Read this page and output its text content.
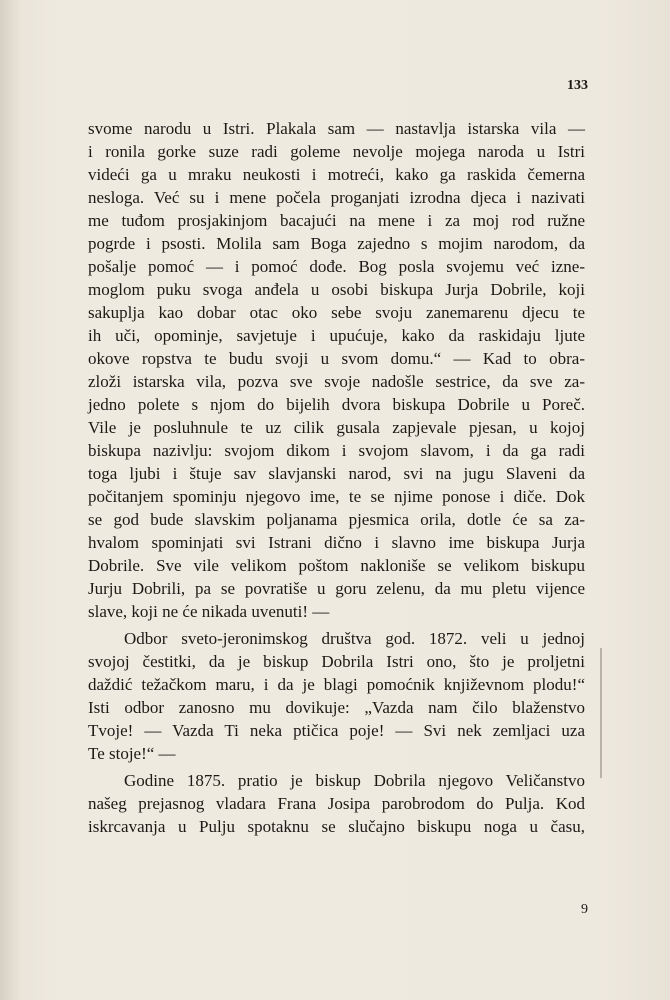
133
svome narodu u Istri. Plakala sam — nastavlja istarska vila —
i ronila gorke suze radi goleme nevolje mojega naroda u Istri
videći ga u mraku neukosti i motreći, kako ga raskida čemerna
nesloga. Već su i mene počela proganjati izrodna djeca i nazivati
me tuđom prosjakinjom bacajući na mene i za moj rod ružne
pogrde i psosti. Molila sam Boga zajedno s mojim narodom, da
pošalje pomoć — i pomoć dođe. Bog posla svojemu već izne-
moglom puku svoga anđela u osobi biskupa Jurja Dobrile, koji
sakuplja kao dobar otac oko sebe svoju zanemarenu djecu te
ih uči, opominje, savjetuje i upućuje, kako da raskidaju ljute
okove ropstva te budu svoji u svom domu.“ — Kad to obra-
zloži istarska vila, pozva sve svoje nadošle sestrice, da sve za-
jedno polete s njom do bijelih dvora biskupa Dobrile u Poreč.
Vile je posluhnule te uz cilik gusala zapjevale pjesan, u kojoj
biskupa nazivlju: svojom dikom i svojom slavom, i da ga radi
toga ljubi i štuje sav slavjanski narod, svi na jugu Slaveni da
počitanjem spominju njegovo ime, te se njime ponose i diče. Dok
se god bude slavskim poljanama pjesmica orila, dotle će sa za-
hvalom spominjati svi Istrani dično i slavno ime biskupa Jurja
Dobrile. Sve vile velikom poštom nakloniše se velikom biskupu
Jurju Dobrili, pa se povratiše u goru zelenu, da mu pletu vijence
slave, koji ne će nikada uvenuti! —
Odbor sveto-jeronimskog društva god. 1872. veli u jednoj
svojoj čestitki, da je biskup Dobrila Istri ono, što je proljetni
daždić težačkom maru, i da je blagi pomoćnik književnom plodu!“
Isti odbor zanosno mu dovikuje: „Vazda nam čilo blaženstvo
Tvoje! — Vazda Ti neka ptičica poje! — Svi nek zemljaci uza
Te stoje!“ —
Godine 1875. pratio je biskup Dobrila njegovo Veličanstvo
našeg prejasnog vladara Frana Josipa parobrodom do Pulja. Kod
iskrcavanja u Pulju spotaknu se slučajno biskupu noga u času,
9
